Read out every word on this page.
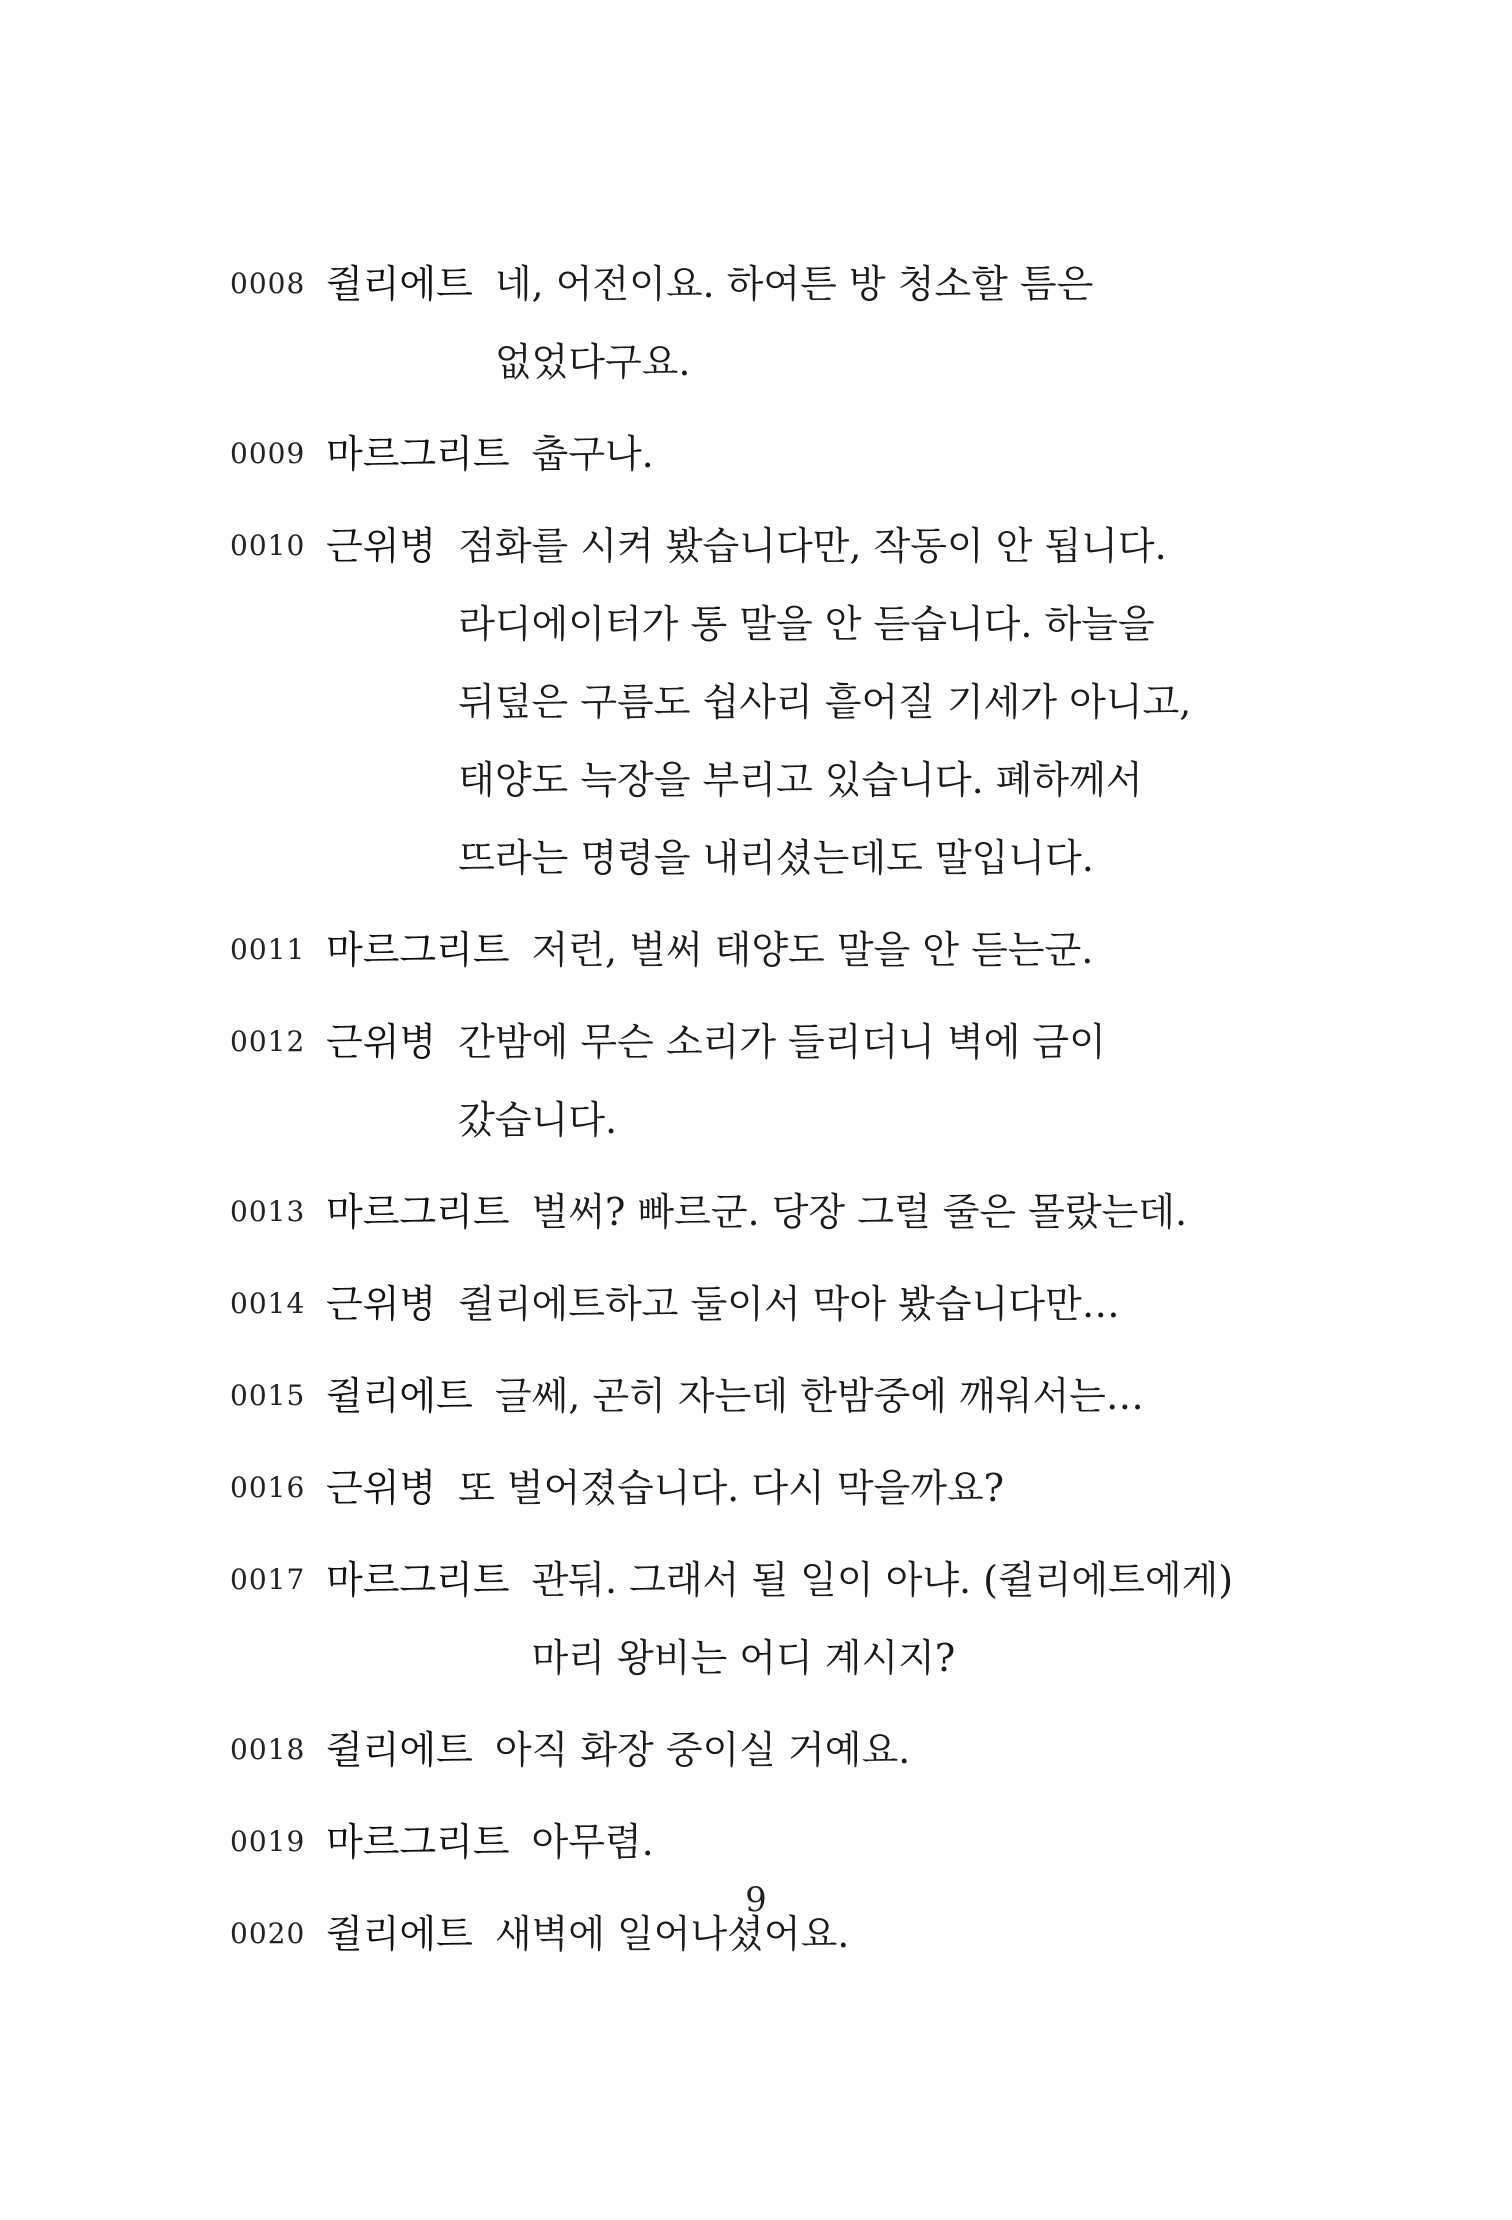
0008 쥘리에트 네, 어전이요. 하여튼 방 청소할 틈은 없었다구요.
0009 마르그리트 춥구나.
0010 근위병 점화를 시켜 봤습니다만, 작동이 안 됩니다. 라디에이터가 통 말을 안 듣습니다. 하늘을 뒤덮은 구름도 쉽사리 흩어질 기세가 아니고, 태양도 늑장을 부리고 있습니다. 폐하께서 뜨라는 명령을 내리셨는데도 말입니다.
0011 마르그리트 저런, 벌써 태양도 말을 안 듣는군.
0012 근위병 간밤에 무슨 소리가 들리더니 벽에 금이 갔습니다.
0013 마르그리트 벌써? 빠르군. 당장 그럴 줄은 몰랐는데.
0014 근위병 쥘리에트하고 둘이서 막아 봤습니다만…
0015 쥘리에트 글쎄, 곤히 자는데 한밤중에 깨워서는…
0016 근위병 또 벌어졌습니다. 다시 막을까요?
0017 마르그리트 관둬. 그래서 될 일이 아냐. (쥘리에트에게) 마리 왕비는 어디 계시지?
0018 쥘리에트 아직 화장 중이실 거예요.
0019 마르그리트 아무렴.
0020 쥘리에트 새벽에 일어나셨어요.
9
